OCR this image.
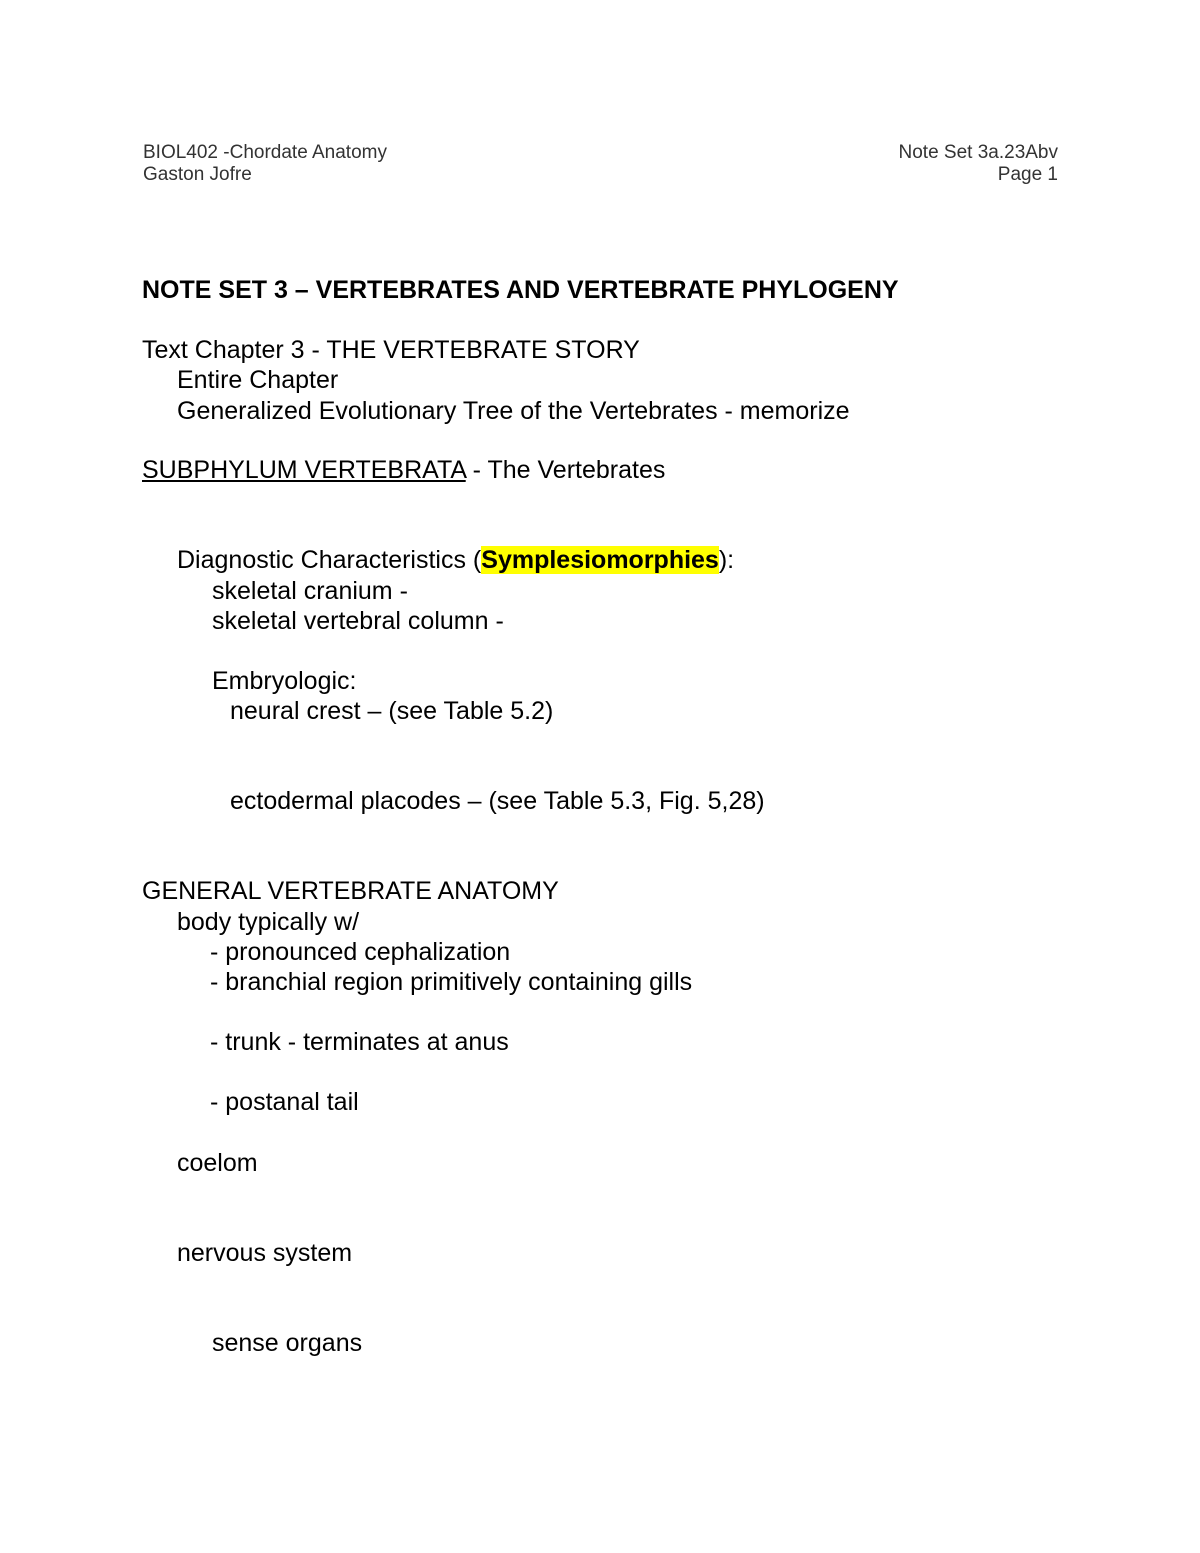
BIOL402 -Chordate Anatomy
Gaston Jofre
Note Set 3a.23Abv
Page 1
NOTE SET 3 – VERTEBRATES AND VERTEBRATE PHYLOGENY
Text Chapter 3 - THE VERTEBRATE STORY
Entire Chapter
Generalized Evolutionary Tree of the Vertebrates - memorize
SUBPHYLUM VERTEBRATA - The Vertebrates
Diagnostic Characteristics (Symplesiomorphies):
skeletal cranium -
skeletal vertebral column -
Embryologic:
neural crest – (see Table 5.2)
ectodermal placodes – (see Table 5.3, Fig. 5,28)
GENERAL VERTEBRATE ANATOMY
body typically w/
- pronounced cephalization
- branchial region primitively containing gills
- trunk - terminates at anus
- postanal tail
coelom
nervous system
sense organs
